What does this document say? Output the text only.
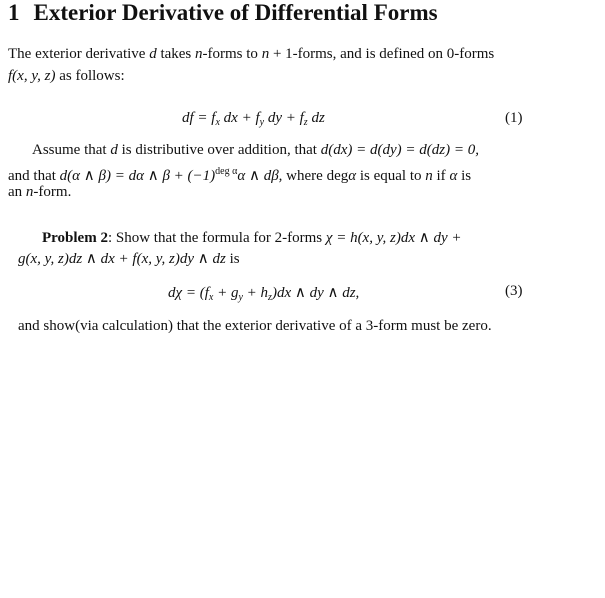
1 Exterior Derivative of Differential Forms
The exterior derivative d takes n-forms to n + 1-forms, and is defined on 0-forms
f(x, y, z) as follows:
df = $f_x$ dx + $f_y$ dy + $f_z$ dz	(1)
Assume that d is distributive over addition, that d(dx) = d(dy) = d(dz) = 0,
and that d(α ∧ β) = dα ∧ $\beta + (-1)^{deg \alpha}\alpha$ ∧ dβ, where degα is equal to n if α is
an n-form.
Problem 2: Show that the formula for 2-forms χ = h(x, y, z)dx ∧ dy +
g(x, y, z)dz ∧ dx + f(x, y, z)dy ∧ dz is
$d\chi = (f_x + g_y + h_z)dx$ ∧ dy ∧ dz,	(3)
and show(via calculation) that the exterior derivative of a 3-form must be zero.
